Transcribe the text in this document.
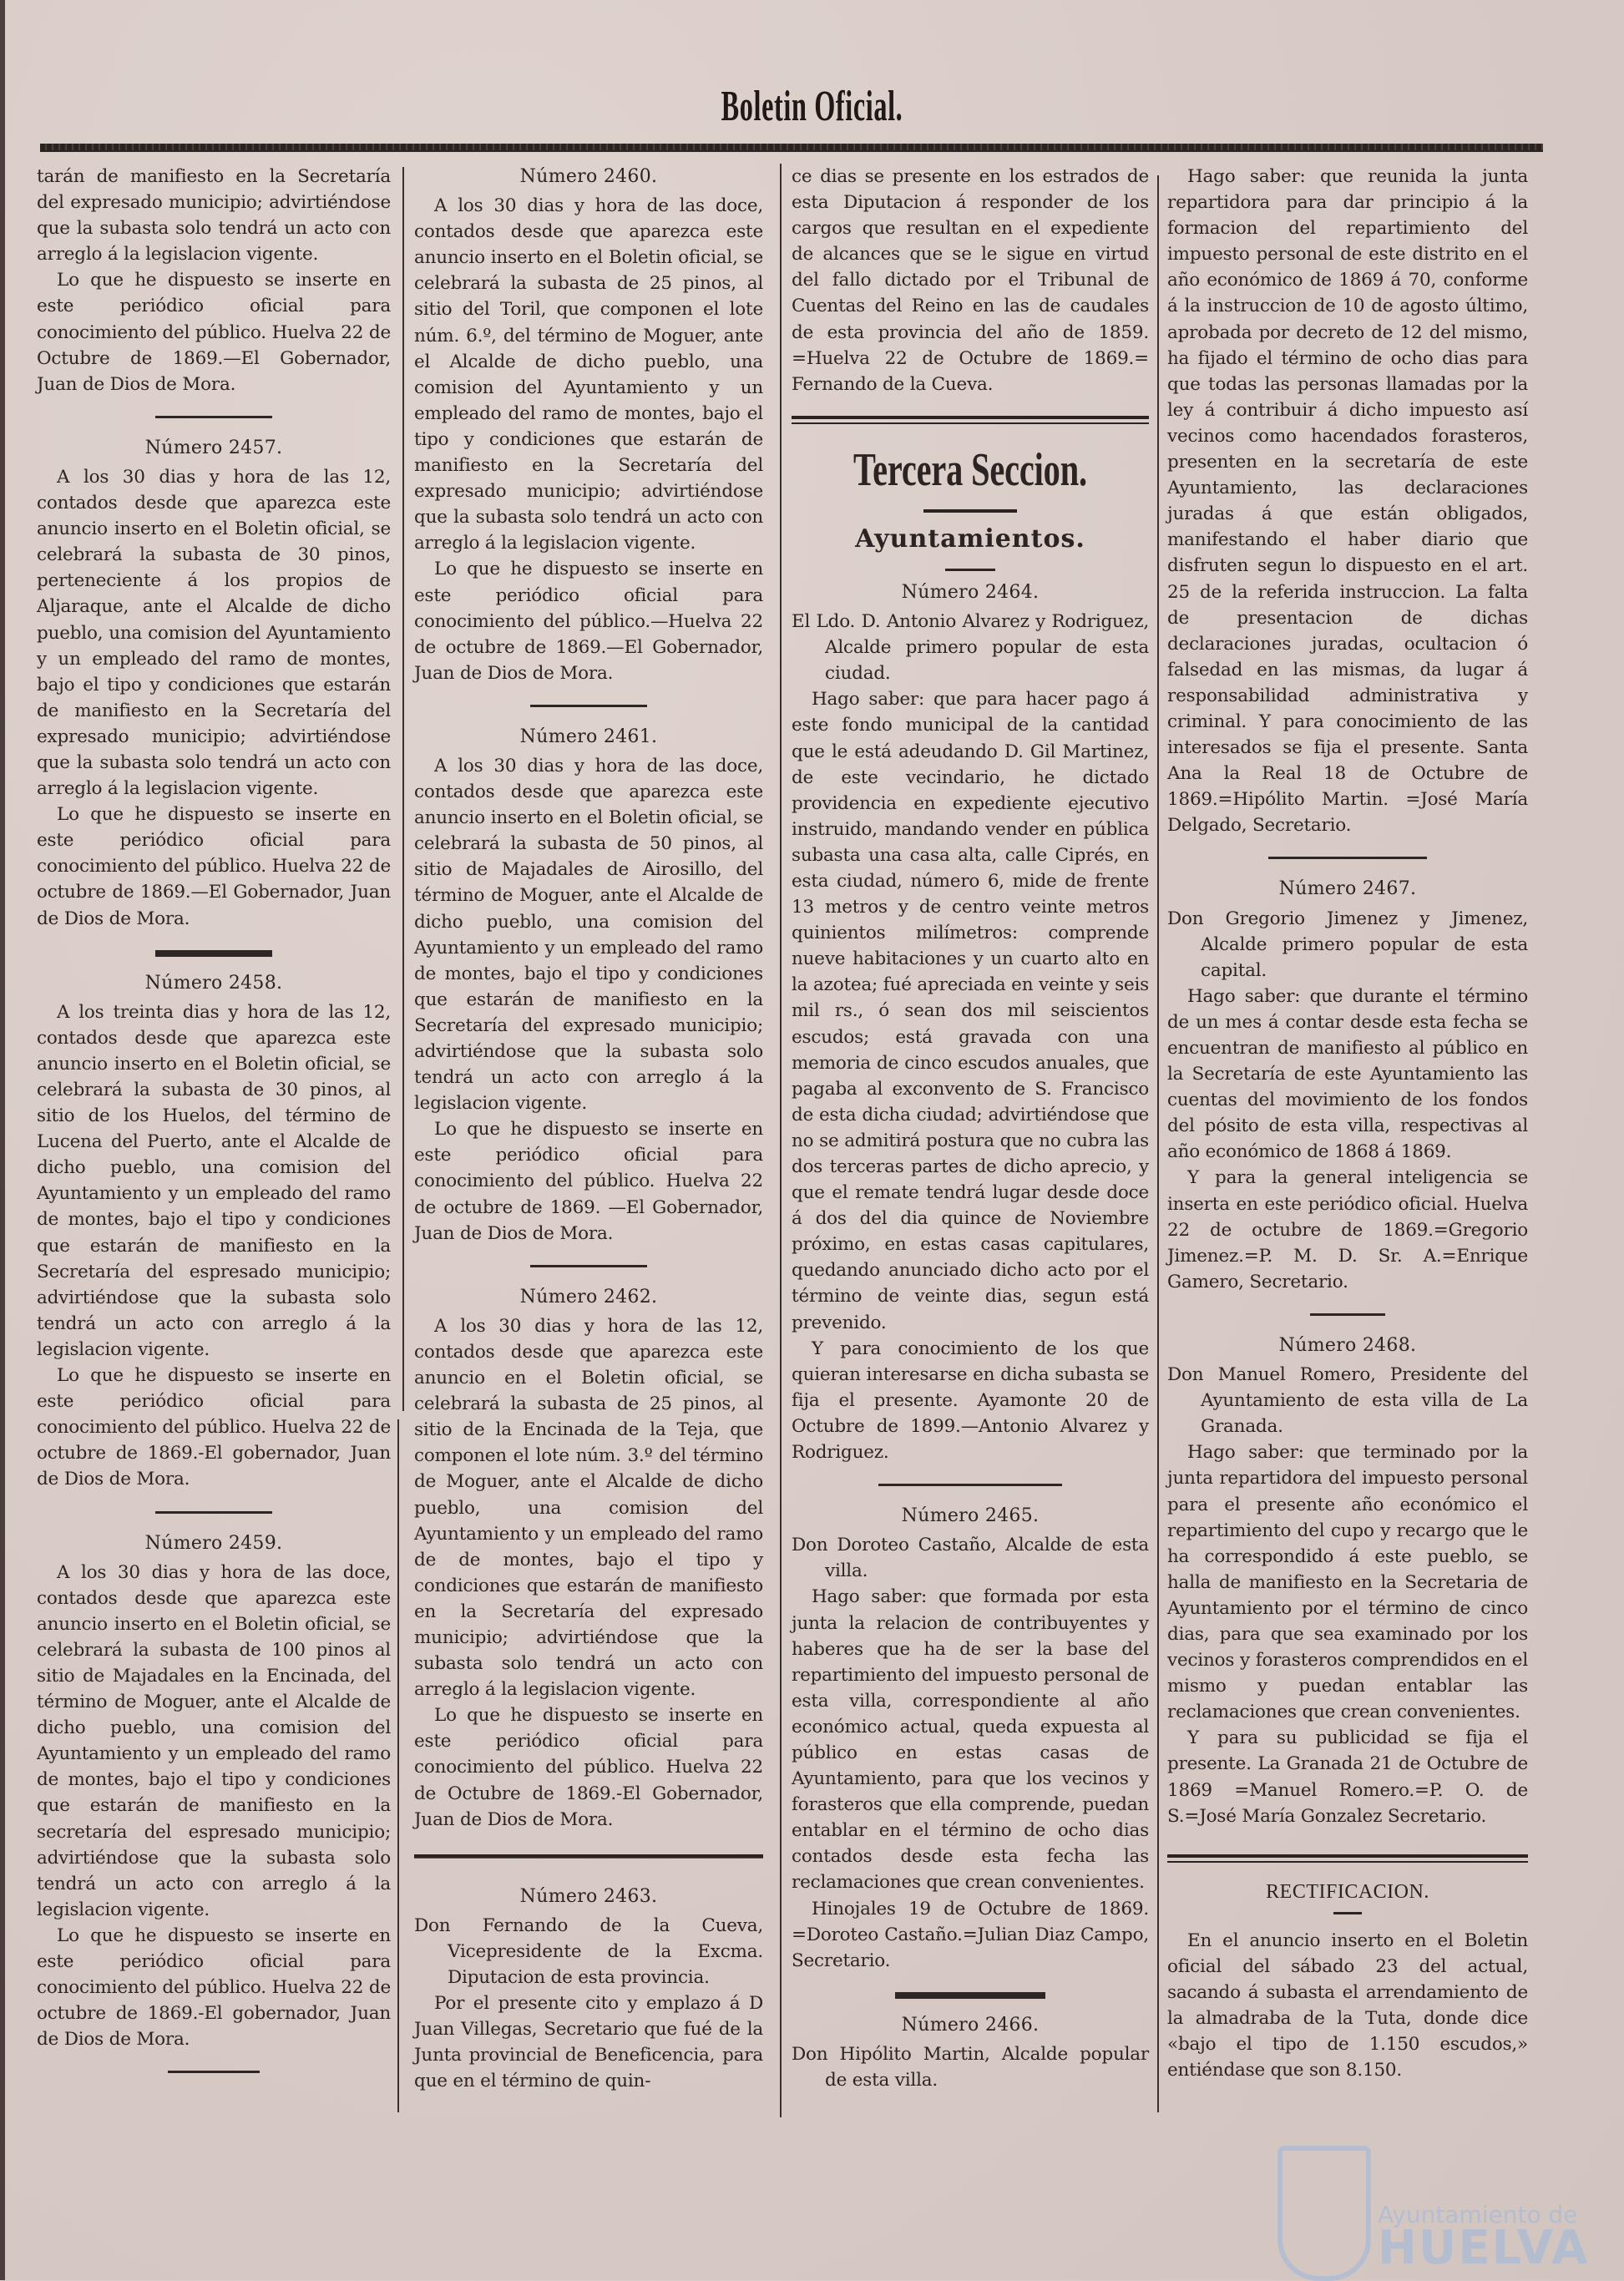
Boletin Oficial.

tarán de manifiesto en la Secretaría del expresado municipio; advirtiéndose que la subasta solo tendrá un acto con arreglo á la legislacion vigente.

Lo que he dispuesto se inserte en este periódico oficial para conocimiento del público. Huelva 22 de Octubre de 1869.—El Gobernador, Juan de Dios de Mora.

Número 2457.

A los 30 dias y hora de las 12, contados desde que aparezca este anuncio inserto en el Boletin oficial, se celebrará la subasta de 30 pinos, perteneciente á los propios de Aljaraque, ante el Alcalde de dicho pueblo, una comision del Ayuntamiento y un empleado del ramo de montes, bajo el tipo y condiciones que estarán de manifiesto en la Secretaría del expresado municipio; advirtiéndose que la subasta solo tendrá un acto con arreglo á la legislacion vigente.

Lo que he dispuesto se inserte en este periódico oficial para conocimiento del público. Huelva 22 de octubre de 1869.—El Gobernador, Juan de Dios de Mora.

Número 2458.

A los treinta dias y hora de las 12, contados desde que aparezca este anuncio inserto en el Boletin oficial, se celebrará la subasta de 30 pinos, al sitio de los Huelos, del término de Lucena del Puerto, ante el Alcalde de dicho pueblo, una comision del Ayuntamiento y un empleado del ramo de montes, bajo el tipo y condiciones que estarán de manifiesto en la Secretaría del espresado municipio; advirtiéndose que la subasta solo tendrá un acto con arreglo á la legislacion vigente.

Lo que he dispuesto se inserte en este periódico oficial para conocimiento del público. Huelva 22 de octubre de 1869.-El gobernador, Juan de Dios de Mora.

Número 2459.

A los 30 dias y hora de las doce, contados desde que aparezca este anuncio inserto en el Boletin oficial, se celebrará la subasta de 100 pinos al sitio de Majadales en la Encinada, del término de Moguer, ante el Alcalde de dicho pueblo, una comision del Ayuntamiento y un empleado del ramo de montes, bajo el tipo y condiciones que estarán de manifiesto en la secretaría del espresado municipio; advirtiéndose que la subasta solo tendrá un acto con arreglo á la legislacion vigente.

Lo que he dispuesto se inserte en este periódico oficial para conocimiento del público. Huelva 22 de octubre de 1869.-El gobernador, Juan de Dios de Mora.

Número 2460.

A los 30 dias y hora de las doce, contados desde que aparezca este anuncio inserto en el Boletin oficial, se celebrará la subasta de 25 pinos, al sitio del Toril, que componen el lote núm. 6.º, del término de Moguer, ante el Alcalde de dicho pueblo, una comision del Ayuntamiento y un empleado del ramo de montes, bajo el tipo y condiciones que estarán de manifiesto en la Secretaría del expresado municipio; advirtiéndose que la subasta solo tendrá un acto con arreglo á la legislacion vigente.

Lo que he dispuesto se inserte en este periódico oficial para conocimiento del público.—Huelva 22 de octubre de 1869.—El Gobernador, Juan de Dios de Mora.

Número 2461.

A los 30 dias y hora de las doce, contados desde que aparezca este anuncio inserto en el Boletin oficial, se celebrará la subasta de 50 pinos, al sitio de Majadales de Airosillo, del término de Moguer, ante el Alcalde de dicho pueblo, una comision del Ayuntamiento y un empleado del ramo de montes, bajo el tipo y condiciones que estarán de manifiesto en la Secretaría del expresado municipio; advirtiéndose que la subasta solo tendrá un acto con arreglo á la legislacion vigente.

Lo que he dispuesto se inserte en este periódico oficial para conocimiento del público. Huelva 22 de octubre de 1869. —El Gobernador, Juan de Dios de Mora.

Número 2462.

A los 30 dias y hora de las 12, contados desde que aparezca este anuncio en el Boletin oficial, se celebrará la subasta de 25 pinos, al sitio de la Encinada de la Teja, que componen el lote núm. 3.º del término de Moguer, ante el Alcalde de dicho pueblo, una comision del Ayuntamiento y un empleado del ramo de de montes, bajo el tipo y condiciones que estarán de manifiesto en la Secretaría del expresado municipio; advirtiéndose que la subasta solo tendrá un acto con arreglo á la legislacion vigente.

Lo que he dispuesto se inserte en este periódico oficial para conocimiento del público. Huelva 22 de Octubre de 1869.-El Gobernador, Juan de Dios de Mora.

Número 2463.

Don Fernando de la Cueva, Vicepresidente de la Excma. Diputacion de esta provincia.

Por el presente cito y emplazo á D Juan Villegas, Secretario que fué de la Junta provincial de Beneficencia, para que en el término de quin-

ce dias se presente en los estrados de esta Diputacion á responder de los cargos que resultan en el expediente de alcances que se le sigue en virtud del fallo dictado por el Tribunal de Cuentas del Reino en las de caudales de esta provincia del año de 1859. =Huelva 22 de Octubre de 1869.= Fernando de la Cueva.

Tercera Seccion.
Ayuntamientos.
Número 2464.

El Ldo. D. Antonio Alvarez y Rodriguez, Alcalde primero popular de esta ciudad.

Hago saber: que para hacer pago á este fondo municipal de la cantidad que le está adeudando D. Gil Martinez, de este vecindario, he dictado providencia en expediente ejecutivo instruido, mandando vender en pública subasta una casa alta, calle Ciprés, en esta ciudad, número 6, mide de frente 13 metros y de centro veinte metros quinientos milímetros: comprende nueve habitaciones y un cuarto alto en la azotea; fué apreciada en veinte y seis mil rs., ó sean dos mil seiscientos escudos; está gravada con una memoria de cinco escudos anuales, que pagaba al exconvento de S. Francisco de esta dicha ciudad; advirtiéndose que no se admitirá postura que no cubra las dos terceras partes de dicho aprecio, y que el remate tendrá lugar desde doce á dos del dia quince de Noviembre próximo, en estas casas capitulares, quedando anunciado dicho acto por el término de veinte dias, segun está prevenido.

Y para conocimiento de los que quieran interesarse en dicha subasta se fija el presente. Ayamonte 20 de Octubre de 1899.—Antonio Alvarez y Rodriguez.

Número 2465.

Don Doroteo Castaño, Alcalde de esta villa.

Hago saber: que formada por esta junta la relacion de contribuyentes y haberes que ha de ser la base del repartimiento del impuesto personal de esta villa, correspondiente al año económico actual, queda expuesta al público en estas casas de Ayuntamiento, para que los vecinos y forasteros que ella comprende, puedan entablar en el término de ocho dias contados desde esta fecha las reclamaciones que crean convenientes.

Hinojales 19 de Octubre de 1869. =Doroteo Castaño.=Julian Diaz Campo, Secretario.

Número 2466.

Don Hipólito Martin, Alcalde popular de esta villa.

Hago saber: que reunida la junta repartidora para dar principio á la formacion del repartimiento del impuesto personal de este distrito en el año económico de 1869 á 70, conforme á la instruccion de 10 de agosto último, aprobada por decreto de 12 del mismo, ha fijado el término de ocho dias para que todas las personas llamadas por la ley á contribuir á dicho impuesto así vecinos como hacendados forasteros, presenten en la secretaría de este Ayuntamiento, las declaraciones juradas á que están obligados, manifestando el haber diario que disfruten segun lo dispuesto en el art. 25 de la referida instruccion. La falta de presentacion de dichas declaraciones juradas, ocultacion ó falsedad en las mismas, da lugar á responsabilidad administrativa y criminal. Y para conocimiento de las interesados se fija el presente. Santa Ana la Real 18 de Octubre de 1869.=Hipólito Martin. =José María Delgado, Secretario.

Número 2467.

Don Gregorio Jimenez y Jimenez, Alcalde primero popular de esta capital.

Hago saber: que durante el término de un mes á contar desde esta fecha se encuentran de manifiesto al público en la Secretaría de este Ayuntamiento las cuentas del movimiento de los fondos del pósito de esta villa, respectivas al año económico de 1868 á 1869.

Y para la general inteligencia se inserta en este periódico oficial. Huelva 22 de octubre de 1869.=Gregorio Jimenez.=P. M. D. Sr. A.=Enrique Gamero, Secretario.

Número 2468.

Don Manuel Romero, Presidente del Ayuntamiento de esta villa de La Granada.

Hago saber: que terminado por la junta repartidora del impuesto personal para el presente año económico el repartimiento del cupo y recargo que le ha correspondido á este pueblo, se halla de manifiesto en la Secretaria de Ayuntamiento por el término de cinco dias, para que sea examinado por los vecinos y forasteros comprendidos en el mismo y puedan entablar las reclamaciones que crean convenientes.

Y para su publicidad se fija el presente. La Granada 21 de Octubre de 1869 =Manuel Romero.=P. O. de S.=José María Gonzalez Secretario.

RECTIFICACION.

En el anuncio inserto en el Boletin oficial del sábado 23 del actual, sacando á subasta el arrendamiento de la almadraba de la Tuta, donde dice «bajo el tipo de 1.150 escudos,» entiéndase que son 8.150.

Ayuntamiento de
HUELVA
